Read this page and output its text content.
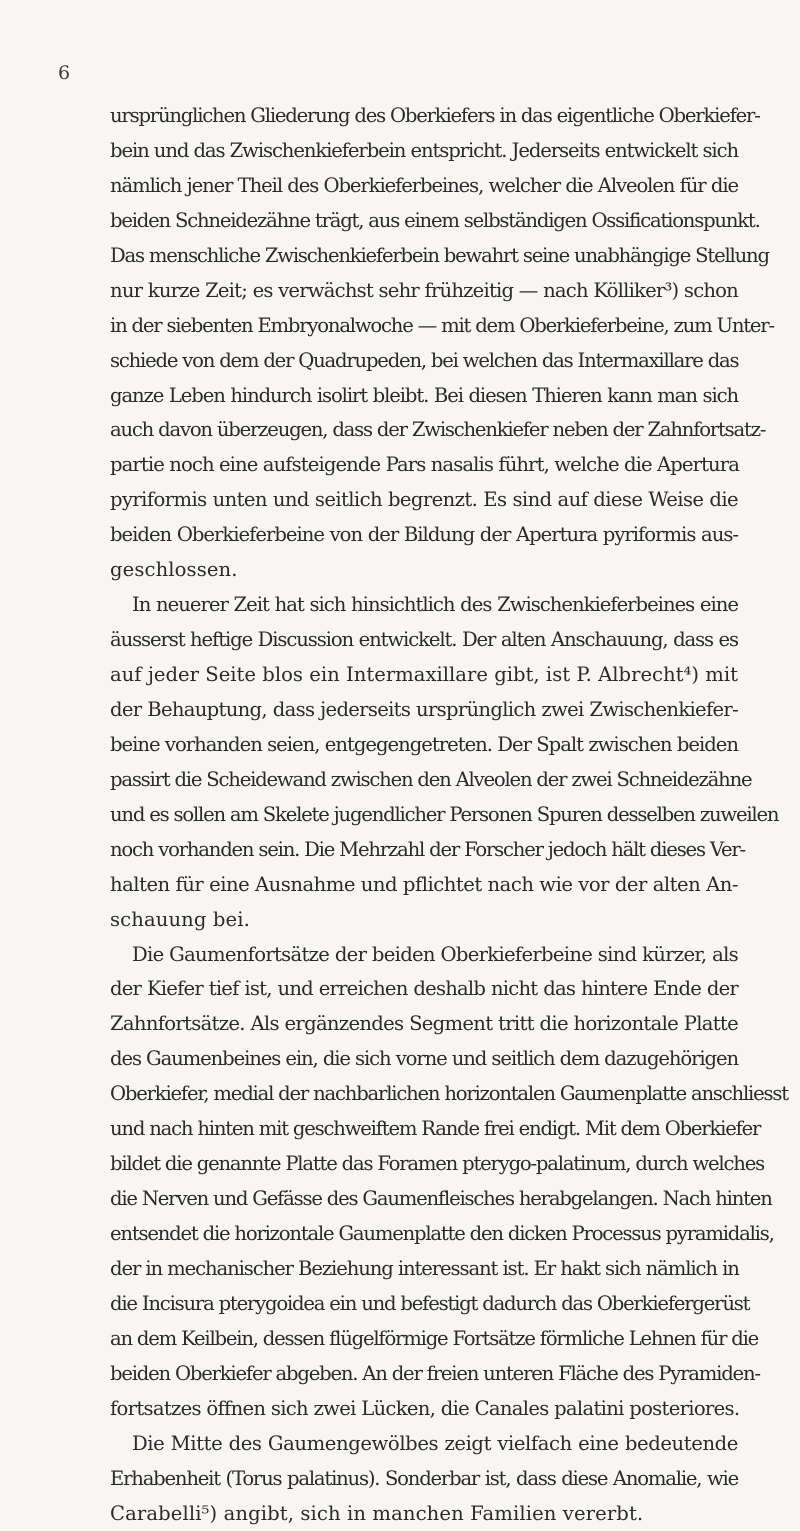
6
ursprünglichen Gliederung des Oberkiefers in das eigentliche Oberkiefer-
bein und das Zwischenkieferbein entspricht. Jederseits entwickelt sich
nämlich jener Theil des Oberkieferbeines, welcher die Alveolen für die
beiden Schneidezähne trägt, aus einem selbständigen Ossificationspunkt.
Das menschliche Zwischenkieferbein bewahrt seine unabhängige Stellung
nur kurze Zeit; es verwächst sehr frühzeitig — nach Kölliker³) schon
in der siebenten Embryonalwoche — mit dem Oberkieferbeine, zum Unter-
schiede von dem der Quadrupeden, bei welchen das Intermaxillare das
ganze Leben hindurch isolirt bleibt. Bei diesen Thieren kann man sich
auch davon überzeugen, dass der Zwischenkiefer neben der Zahnfortsatz-
partie noch eine aufsteigende Pars nasalis führt, welche die Apertura
pyriformis unten und seitlich begrenzt. Es sind auf diese Weise die
beiden Oberkieferbeine von der Bildung der Apertura pyriformis aus-
geschlossen.
In neuerer Zeit hat sich hinsichtlich des Zwischenkieferbeines eine
äusserst heftige Discussion entwickelt. Der alten Anschauung, dass es
auf jeder Seite blos ein Intermaxillare gibt, ist P. Albrecht⁴) mit
der Behauptung, dass jederseits ursprünglich zwei Zwischenkiefer-
beine vorhanden seien, entgegengetreten. Der Spalt zwischen beiden
passirt die Scheidewand zwischen den Alveolen der zwei Schneidezähne
und es sollen am Skelete jugendlicher Personen Spuren desselben zuweilen
noch vorhanden sein. Die Mehrzahl der Forscher jedoch hält dieses Ver-
halten für eine Ausnahme und pflichtet nach wie vor der alten An-
schauung bei.
Die Gaumenfortsätze der beiden Oberkieferbeine sind kürzer, als
der Kiefer tief ist, und erreichen deshalb nicht das hintere Ende der
Zahnfortsätze. Als ergänzendes Segment tritt die horizontale Platte
des Gaumenbeines ein, die sich vorne und seitlich dem dazugehörigen
Oberkiefer, medial der nachbarlichen horizontalen Gaumenplatte anschliesst
und nach hinten mit geschweiftem Rande frei endigt. Mit dem Oberkiefer
bildet die genannte Platte das Foramen pterygo-palatinum, durch welches
die Nerven und Gefässe des Gaumenfleisches herabgelangen. Nach hinten
entsendet die horizontale Gaumenplatte den dicken Processus pyramidalis,
der in mechanischer Beziehung interessant ist. Er hakt sich nämlich in
die Incisura pterygoidea ein und befestigt dadurch das Oberkiefergerüst
an dem Keilbein, dessen flügelförmige Fortsätze förmliche Lehnen für die
beiden Oberkiefer abgeben. An der freien unteren Fläche des Pyramiden-
fortsatzes öffnen sich zwei Lücken, die Canales palatini posteriores.
Die Mitte des Gaumengewölbes zeigt vielfach eine bedeutende
Erhabenheit (Torus palatinus). Sonderbar ist, dass diese Anomalie, wie
Carabelli⁵) angibt, sich in manchen Familien vererbt.
